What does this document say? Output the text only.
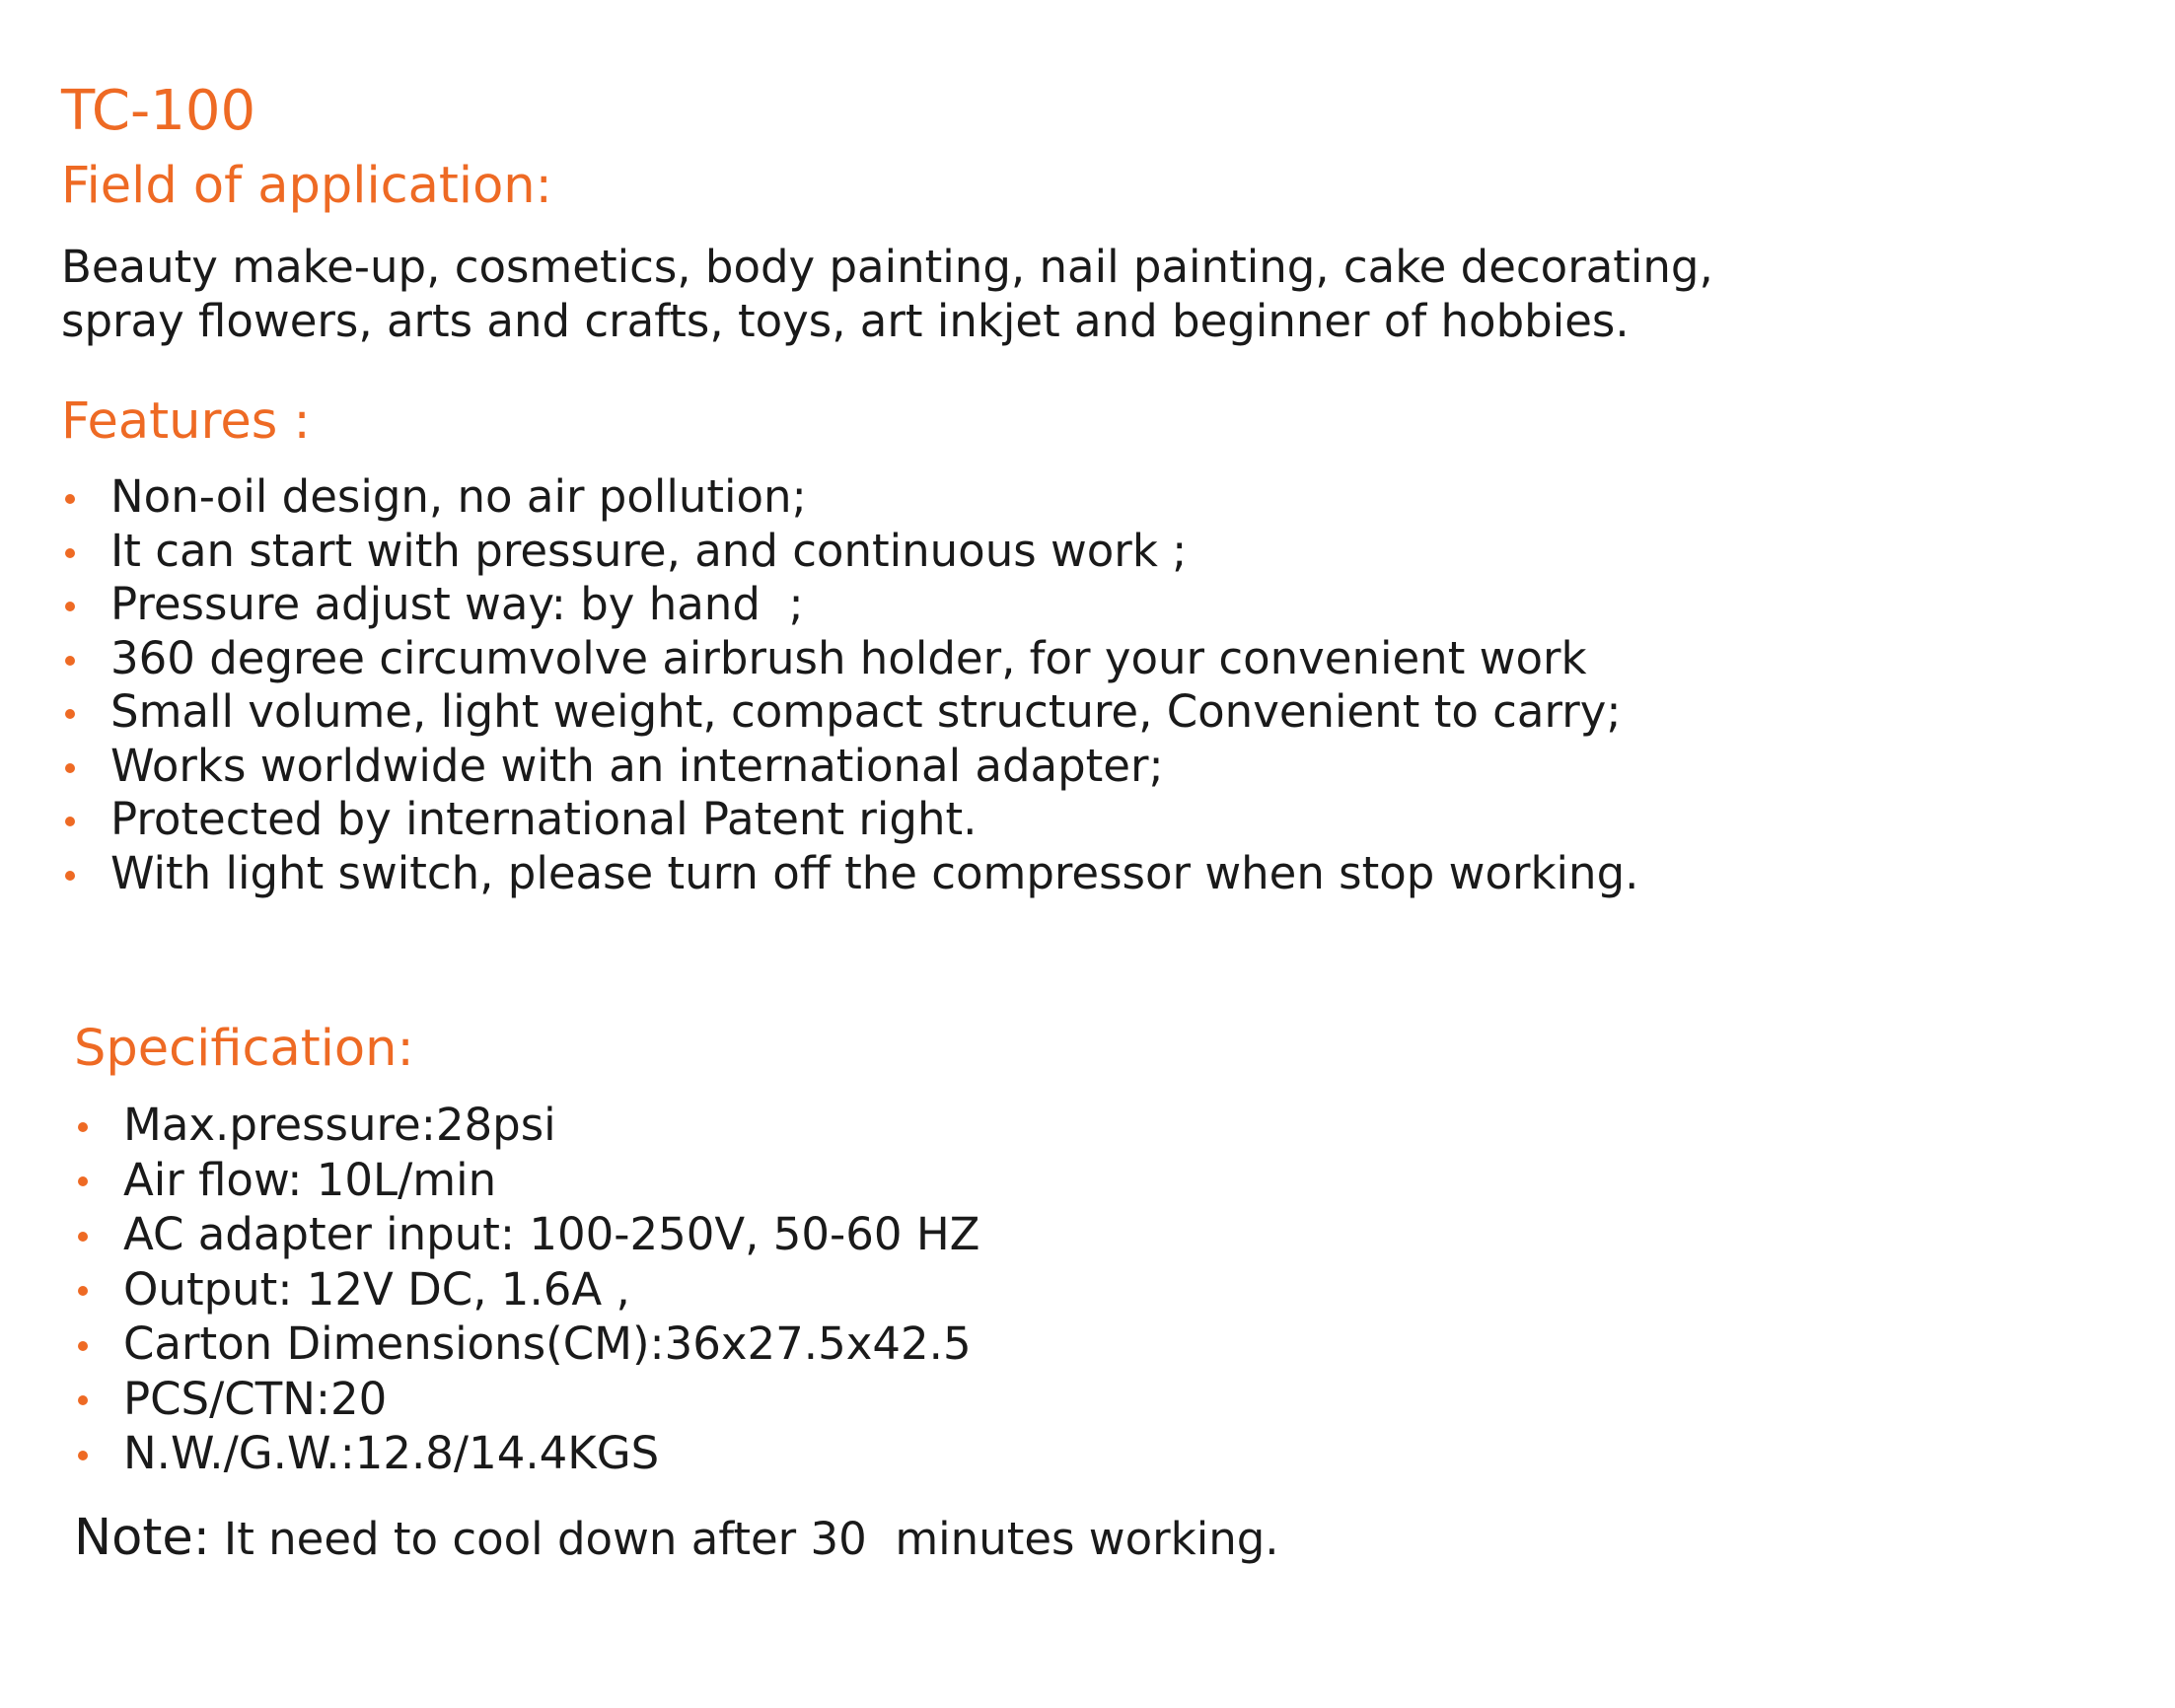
TC-100
Field of application:

Beauty make-up, cosmetics, body painting, nail painting, cake decorating,
spray flowers, arts and crafts, toys, art inkjet and beginner of hobbies.

Features :
Non-oil design, no air pollution;
It can start with pressure, and continuous work ;
Pressure adjust way: by hand  ;
360 degree circumvolve airbrush holder, for your convenient work
Small volume, light weight, compact structure, Convenient to carry;
Works worldwide with an international adapter;
Protected by international Patent right.
With light switch, please turn off the compressor when stop working.
Specification:
Max.pressure:28psi
Air flow: 10L/min
AC adapter input: 100-250V, 50-60 HZ
Output: 12V DC, 1.6A ,
Carton Dimensions(CM):36x27.5x42.5
PCS/CTN:20
N.W./G.W.:12.8/14.4KGS

Note: It need to cool down after 30  minutes working.
